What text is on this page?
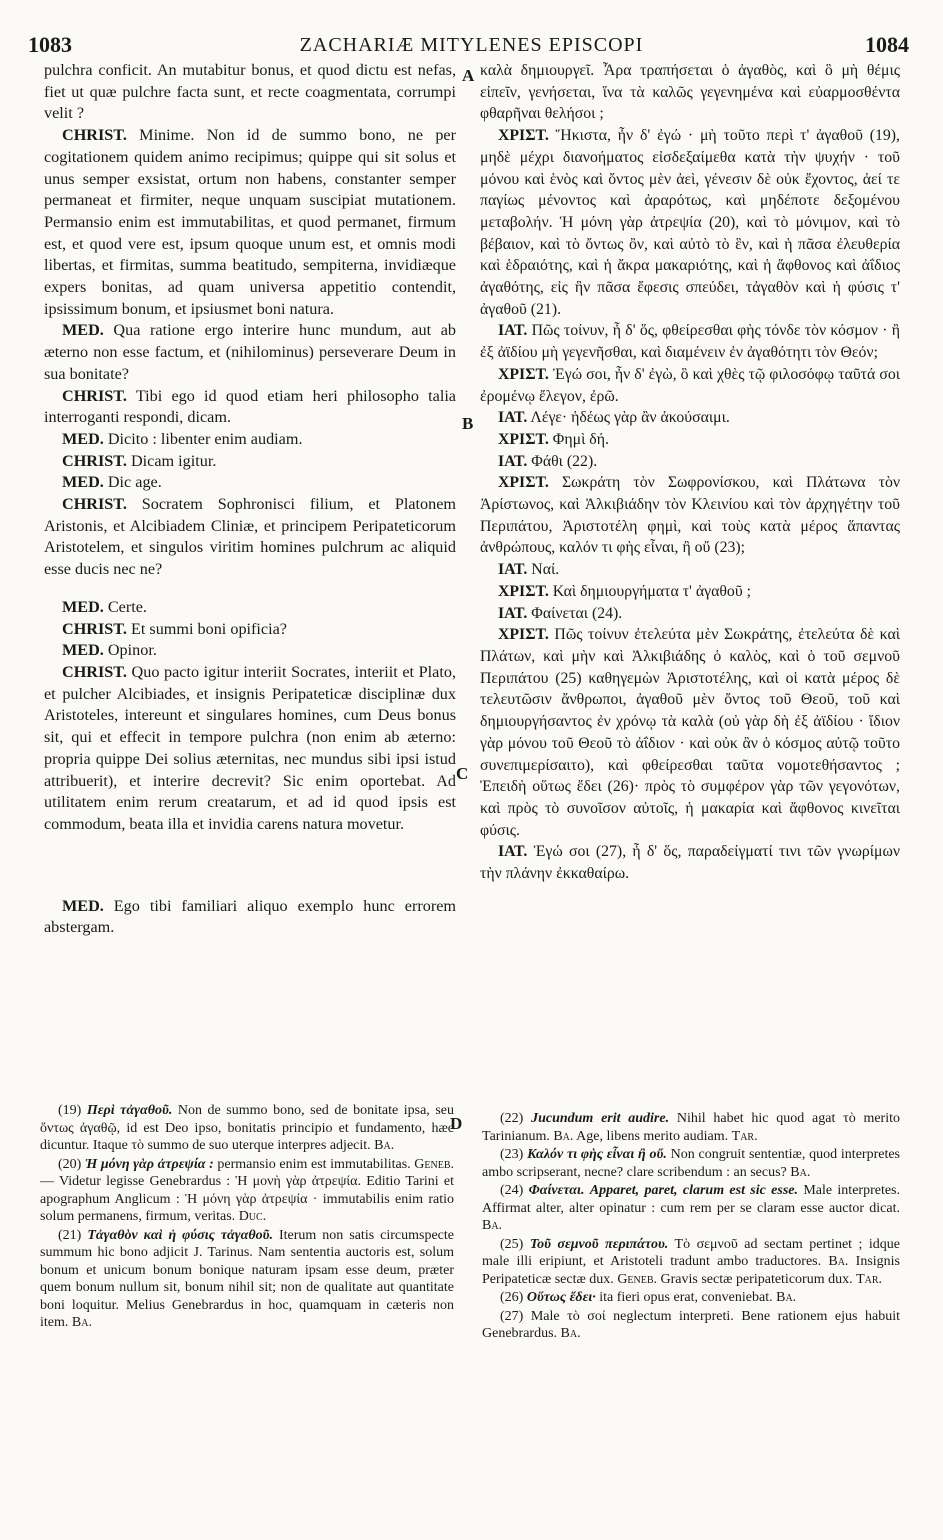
1083	ZACHARIÆ MITYLENES EPISCOPI	1084
A
B
C
D

pulchra conficit. An mutabitur bonus, et quod dictu est nefas, fiet ut quæ pulchre facta sunt, et recte coagmentata, corrumpi velit ?

CHRIST. Minime. Non id de summo bono, ne per cogitationem quidem animo recipimus; quippe qui sit solus et unus semper exsistat, ortum non habens, constanter semper permaneat et firmiter, neque unquam suscipiat mutationem. Permansio enim est immutabilitas, et quod permanet, firmum est, et quod vere est, ipsum quoque unum est, et omnis modi libertas, et firmitas, summa beatitudo, sempiterna, invidiæque expers bonitas, ad quam universa appetitio contendit, ipsissimum bonum, et ipsiusmet boni natura.

MED. Qua ratione ergo interire hunc mundum, aut ab æterno non esse factum, et (nihilominus) perseverare Deum in sua bonitate?

CHRIST. Tibi ego id quod etiam heri philosopho talia interroganti respondi, dicam.

MED. Dicito : libenter enim audiam.

CHRIST. Dicam igitur.

MED. Dic age.

CHRIST. Socratem Sophronisci filium, et Platonem Aristonis, et Alcibiadem Cliniæ, et principem Peripateticorum Aristotelem, et singulos viritim homines pulchrum ac aliquid esse ducis nec ne?

MED. Certe.

CHRIST. Et summi boni opificia?

MED. Opinor.

CHRIST. Quo pacto igitur interiit Socrates, interiit et Plato, et pulcher Alcibiades, et insignis Peripateticæ disciplinæ dux Aristoteles, intereunt et singulares homines, cum Deus bonus sit, qui et effecit in tempore pulchra (non enim ab æterno: propria quippe Dei solius æternitas, nec mundus sibi ipsi istud attribuerit), et interire decrevit? Sic enim oportebat. Ad utilitatem enim rerum creatarum, et ad id quod ipsis est commodum, beata illa et invidia carens natura movetur.

MED. Ego tibi familiari aliquo exemplo hunc errorem abstergam.

καλὰ δημιουργεῖ. Ἆρα τραπήσεται ὁ ἀγαθὸς, καὶ ὃ μὴ θέμις εἰπεῖν, γενήσεται, ἵνα τὰ καλῶς γεγενημένα καὶ εὐαρμοσθέντα φθαρῆναι θελήσοι ;

ΧΡΙΣΤ. Ἥκιστα, ἦν δ' ἐγώ · μὴ τοῦτο περὶ τ' ἀγαθοῦ (19), μηδὲ μέχρι διανοήματος εἰσδεξαίμεθα κατὰ τὴν ψυχήν · τοῦ μόνου καὶ ἑνὸς καὶ ὄντος μὲν ἀεὶ, γένεσιν δὲ οὐκ ἔχοντος, ἀεί τε παγίως μένοντος καὶ ἀραρότως, καὶ μηδέποτε δεξομένου μεταβολήν. Ἡ μόνη γὰρ ἀτρεψία (20), καὶ τὸ μόνιμον, καὶ τὸ βέβαιον, καὶ τὸ ὄντως ὂν, καὶ αὐτὸ τὸ ἓν, καὶ ἡ πᾶσα ἐλευθερία καὶ ἑδραιότης, καὶ ἡ ἄκρα μακαριότης, καὶ ἡ ἄφθονος καὶ ἀΐδιος ἀγαθότης, εἰς ἣν πᾶσα ἔφεσις σπεύδει, τἀγαθὸν καὶ ἡ φύσις τ' ἀγαθοῦ (21).

ΙΑΤ. Πῶς τοίνυν, ἦ δ' ὅς, φθείρεσθαι φὴς τόνδε τὸν κόσμον · ἢ ἐξ ἀϊδίου μὴ γεγενῆσθαι, καὶ διαμένειν ἐν ἀγαθότητι τὸν Θεόν;

ΧΡΙΣΤ. Ἐγώ σοι, ἦν δ' ἐγὼ, ὃ καὶ χθὲς τῷ φιλοσόφῳ ταῦτά σοι ἐρομένῳ ἔλεγον, ἐρῶ.

ΙΑΤ. Λέγε· ἡδέως γὰρ ἂν ἀκούσαιμι.

ΧΡΙΣΤ. Φημὶ δή.

ΙΑΤ. Φάθι (22).

ΧΡΙΣΤ. Σωκράτη τὸν Σωφρονίσκου, καὶ Πλάτωνα τὸν Ἀρίστωνος, καὶ Ἀλκιβιάδην τὸν Κλεινίου καὶ τὸν ἀρχηγέτην τοῦ Περιπάτου, Ἀριστοτέλη φημὶ, καὶ τοὺς κατὰ μέρος ἅπαντας ἀνθρώπους, καλόν τι φὴς εἶναι, ἢ οὔ (23);

ΙΑΤ. Ναί.

ΧΡΙΣΤ. Καὶ δημιουργήματα τ' ἀγαθοῦ ;

ΙΑΤ. Φαίνεται (24).

ΧΡΙΣΤ. Πῶς τοίνυν ἐτελεύτα μὲν Σωκράτης, ἐτελεύτα δὲ καὶ Πλάτων, καὶ μὴν καὶ Ἀλκιβιάδης ὁ καλὸς, καὶ ὁ τοῦ σεμνοῦ Περιπάτου (25) καθηγεμὼν Ἀριστοτέλης, καὶ οἱ κατὰ μέρος δὲ τελευτῶσιν ἄνθρωποι, ἀγαθοῦ μὲν ὄντος τοῦ Θεοῦ, τοῦ καὶ δημιουργήσαντος ἐν χρόνῳ τὰ καλὰ (οὐ γὰρ δὴ ἐξ ἀϊδίου · ἴδιον γὰρ μόνου τοῦ Θεοῦ τὸ ἀΐδιον · καὶ οὐκ ἂν ὁ κόσμος αὐτῷ τοῦτο συνεπιμερίσαιτο), καὶ φθείρεσθαι ταῦτα νομοτεθήσαντος ; Ἐπειδὴ οὕτως ἔδει (26)· πρὸς τὸ συμφέρον γὰρ τῶν γεγονότων, καὶ πρὸς τὸ συνοῖσον αὐτοῖς, ἡ μακαρία καὶ ἄφθονος κινεῖται φύσις.

ΙΑΤ. Ἐγώ σοι (27), ἦ δ' ὅς, παραδείγματί τινι τῶν γνωρίμων τὴν πλάνην ἐκκαθαίρω.

(19) Περὶ τἀγαθοῦ. Non de summo bono, sed de bonitate ipsa, seu ὄντως ἀγαθῷ, id est Deo ipso, bonitatis principio et fundamento, hæc dicuntur. Itaque τὸ summo de suo uterque interpres adjecit. Ba.

(20) Ἡ μόνη γὰρ ἀτρεψία : permansio enim est immutabilitas. Geneb. — Videtur legisse Genebrardus : Ἡ μονὴ γὰρ ἀτρεψία. Editio Tarini et apographum Anglicum : Ἡ μόνη γὰρ ἀτρεψία · immutabilis enim ratio solum permanens, firmum, veritas. Duc.

(21) Τἀγαθὸν καὶ ἡ φύσις τἀγαθοῦ. Iterum non satis circumspecte summum hic bono adjicit J. Tarinus. Nam sententia auctoris est, solum bonum et unicum bonum bonique naturam ipsam esse deum, præter quem bonum nullum sit, bonum nihil sit; non de qualitate aut quantitate boni loquitur. Melius Genebrardus in hoc, quamquam in cæteris non item. Ba.

(22) Jucundum erit audire. Nihil habet hic quod agat τὸ merito Tarinianum. Ba. Age, libens merito audiam. Tar.

(23) Καλόν τι φὴς εἶναι ἢ οὔ. Non congruit sententiæ, quod interpretes ambo scripserant, necne? clare scribendum : an secus? Ba.

(24) Φαίνεται. Apparet, paret, clarum est sic esse. Male interpretes. Affirmat alter, alter opinatur : cum rem per se claram esse auctor dicat. Ba.

(25) Τοῦ σεμνοῦ περιπάτου. Τὸ σεμνοῦ ad sectam pertinet ; idque male illi eripiunt, et Aristoteli tradunt ambo traductores. Ba. Insignis Peripateticæ sectæ dux. Geneb. Gravis sectæ peripateticorum dux. Tar.

(26) Οὕτως ἔδει· ita fieri opus erat, conveniebat. Ba.

(27) Male τὸ σοί neglectum interpreti. Bene rationem ejus habuit Genebrardus. Ba.
